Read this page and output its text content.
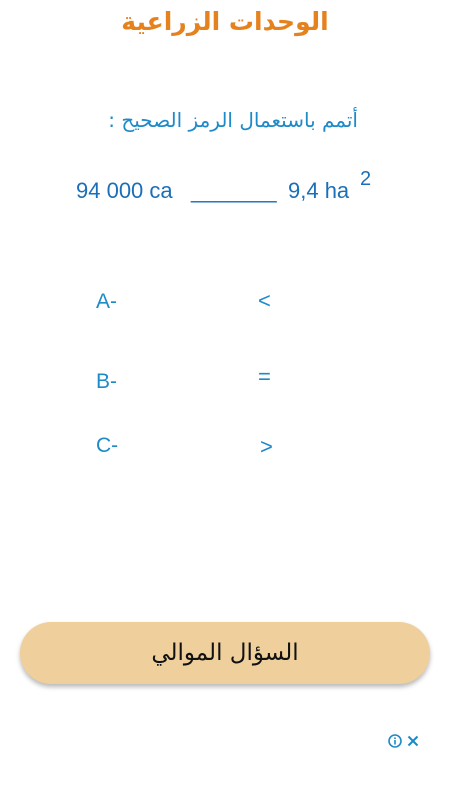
الوحدات الزراعية
أتمم باستعمال الرمز الصحيح :
94 000 ca _______ 9,4 ha 2
A-	<
B-	=
C-	>
السؤال الموالي
